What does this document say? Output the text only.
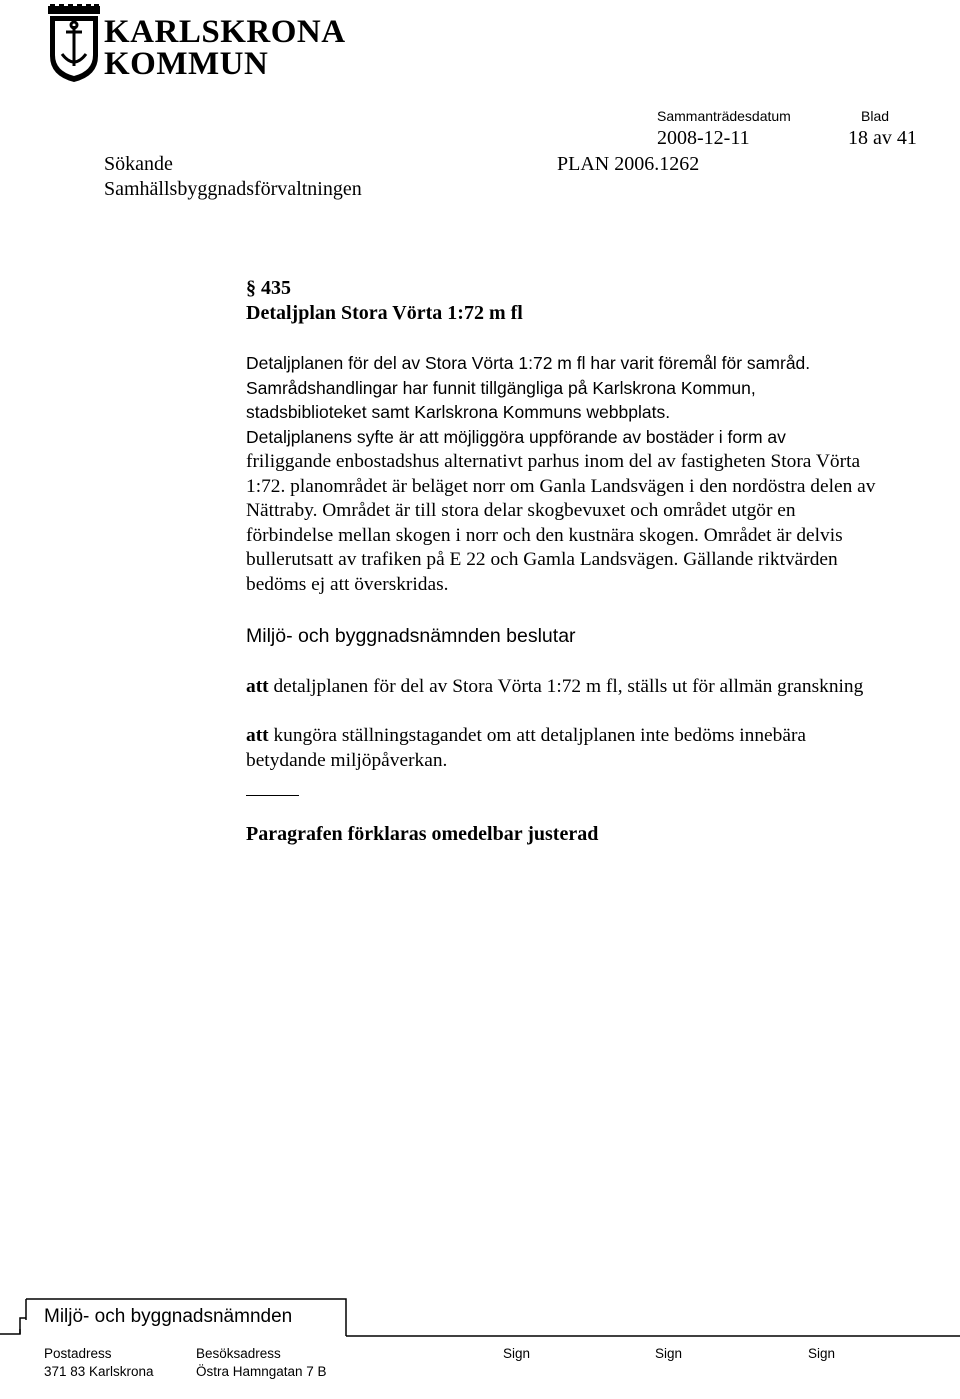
KARLSKRONA
KOMMUN
Sammanträdesdatum	Blad
2008-12-11	18 av 41
Sökande	PLAN 2006.1262
Samhällsbyggnadsförvaltningen
§ 435
Detaljplan Stora Vörta 1:72 m fl
Detaljplanen för del av Stora Vörta 1:72 m fl har varit föremål för samråd.
Samrådshandlingar har funnit tillgängliga på Karlskrona Kommun,
stadsbiblioteket samt Karlskrona Kommuns webbplats.
Detaljplanens syfte är att möjliggöra uppförande av bostäder i form av
friliggande enbostadshus alternativt parhus inom del av fastigheten Stora Vörta
1:72. planområdet är beläget norr om Ganla Landsvägen i den nordöstra delen av
Nättraby. Området är till stora delar skogbevuxet och området utgör en
förbindelse mellan skogen i norr och den kustnära skogen. Området är delvis
bullerutsatt av trafiken på E 22 och Gamla Landsvägen. Gällande riktvärden
bedöms ej att överskridas.
Miljö- och byggnadsnämnden beslutar
att detaljplanen för del av Stora Vörta 1:72 m fl, ställs ut för allmän granskning
att kungöra ställningstagandet om att detaljplanen inte bedöms innebära
betydande miljöpåverkan.
Paragrafen förklaras omedelbar justerad
Miljö- och byggnadsnämnden
Postadress	Besöksadress	Sign	Sign	Sign
371 83 Karlskrona	Östra Hamngatan 7 B
